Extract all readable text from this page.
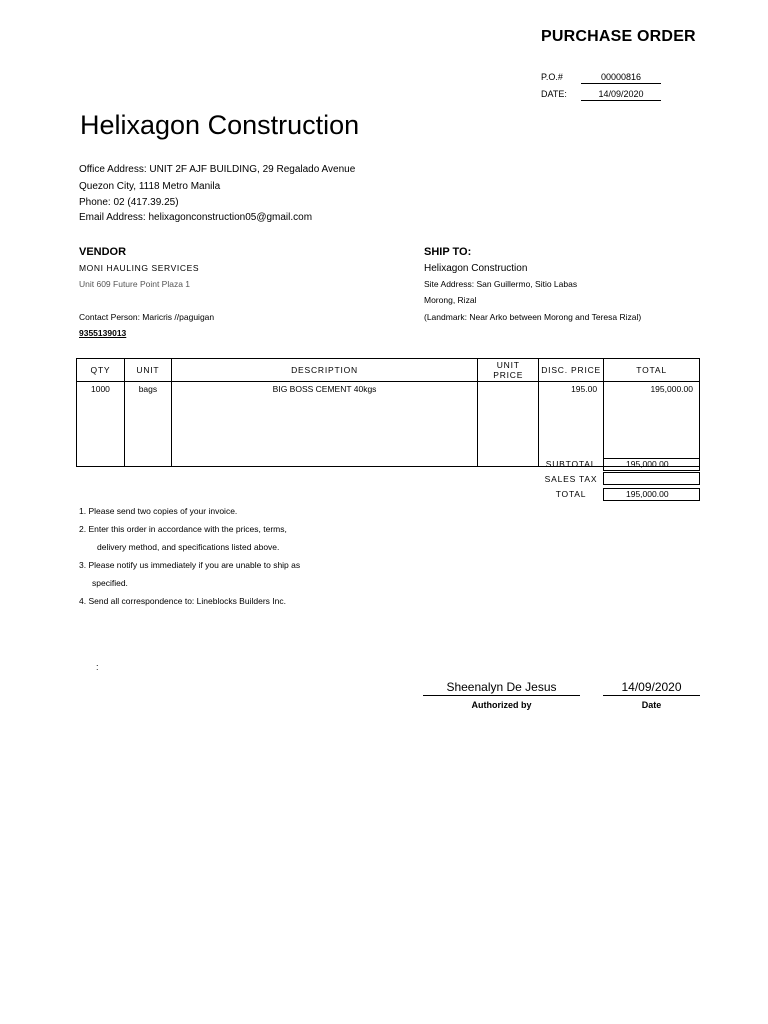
PURCHASE ORDER
P.O.#	00000816
DATE:	14/09/2020
Helixagon Construction
Office Address: UNIT 2F AJF BUILDING, 29 Regalado Avenue
Quezon City, 1118 Metro Manila
Phone: 02 (417.39.25)
Email Address: helixagonconstruction05@gmail.com
VENDOR
MONI HAULING SERVICES
Unit 609 Future Point Plaza 1
Contact Person: Maricris //paguigan
9355139013
SHIP TO:
Helixagon Construction
Site Address: San Guillermo, Sitio Labas
Morong, Rizal
(Landmark: Near Arko between Morong and Teresa Rizal)
QTY	UNIT	DESCRIPTION	UNIT PRICE	DISC. PRICE	TOTAL
1000	bags	BIG BOSS CEMENT 40kgs		195.00	195,000.00

SUBTOTAL	195,000.00
SALES TAX
TOTAL	195,000.00
1. Please send two copies of your invoice.
2. Enter this order in accordance with the prices, terms,
delivery method, and specifications listed above.
3. Please notify us immediately if you are unable to ship as
specified.
4. Send all correspondence to: Lineblocks Builders Inc.
:
Sheenalyn De Jesus
Authorized by
14/09/2020
Date
